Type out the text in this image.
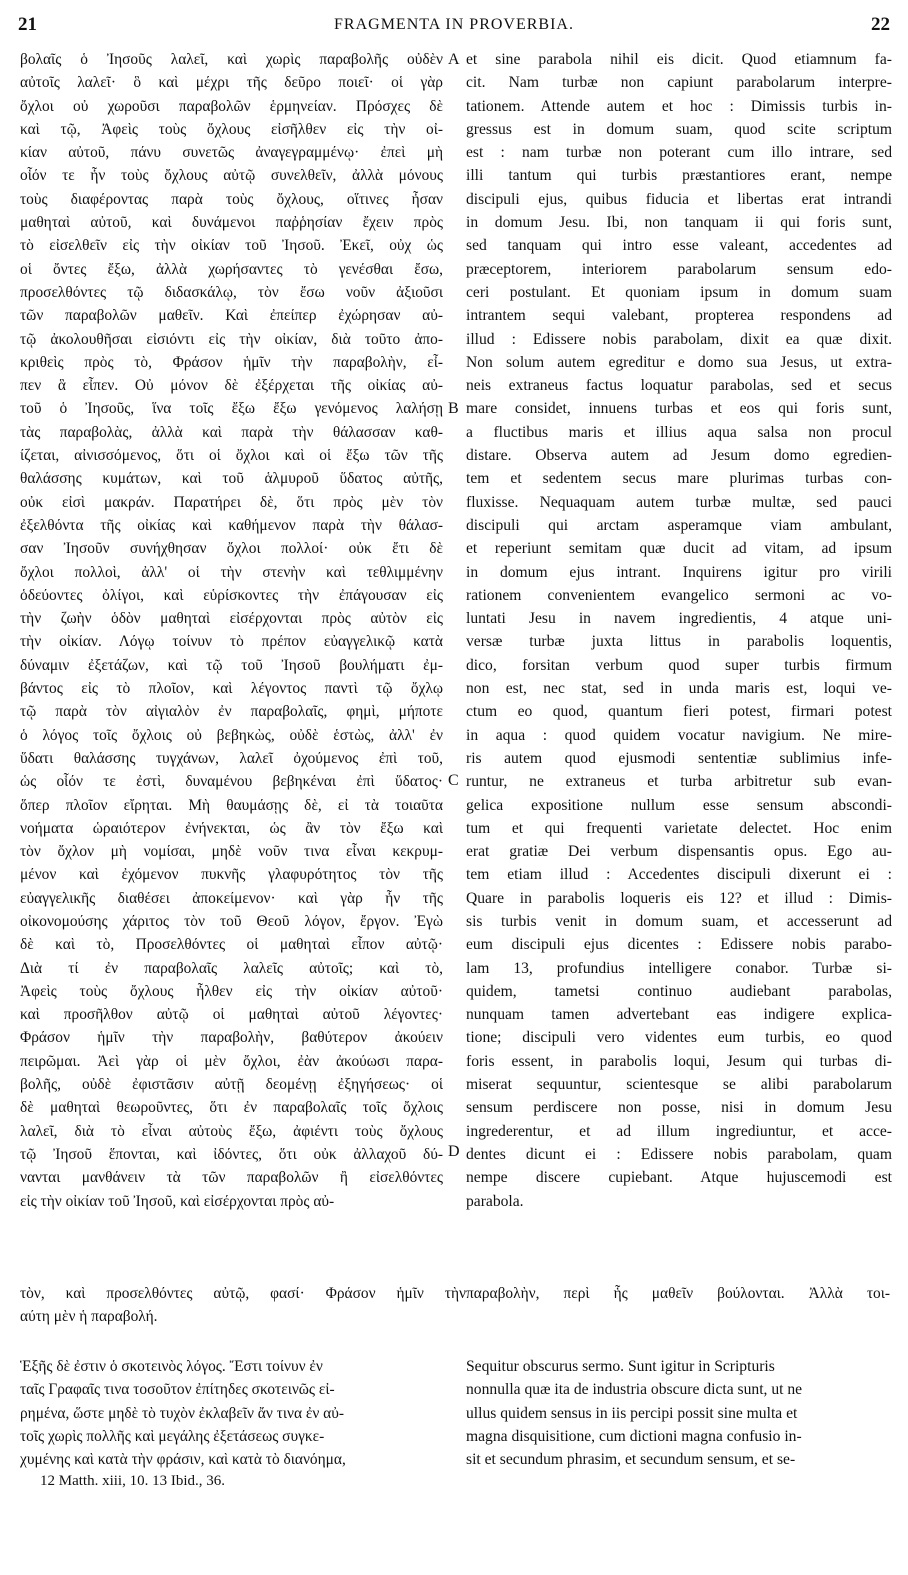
21	FRAGMENTA IN PROVERBIA.	22
βολαῖς ὁ Ἰησοῦς λαλεῖ, καὶ χωρὶς παραβολῆς οὐδὲν
αὐτοῖς λαλεῖ· ὃ καὶ μέχρι τῆς δεῦρο ποιεῖ· οἱ γὰρ
ὄχλοι οὐ χωροῦσι παραβολῶν ἑρμηνείαν. Πρόσχες δὲ
καὶ τῷ, Ἀφεὶς τοὺς ὄχλους εἰσῆλθεν εἰς τὴν οἰ-
κίαν αὐτοῦ, πάνυ συνετῶς ἀναγεγραμμένῳ· ἐπεὶ μὴ
οἷόν τε ἦν τοὺς ὄχλους αὐτῷ συνελθεῖν, ἀλλὰ μόνους
τοὺς διαφέροντας παρὰ τοὺς ὄχλους, οἵτινες ἦσαν
μαθηταὶ αὐτοῦ, καὶ δυνάμενοι παῤῥησίαν ἔχειν πρὸς
τὸ εἰσελθεῖν εἰς τὴν οἰκίαν τοῦ Ἰησοῦ. Ἐκεῖ, οὐχ ὡς
οἱ ὄντες ἔξω, ἀλλὰ χωρήσαντες τὸ γενέσθαι ἔσω,
προσελθόντες τῷ διδασκάλῳ, τὸν ἔσω νοῦν ἀξιοῦσι
τῶν παραβολῶν μαθεῖν. Καὶ ἐπείπερ ἐχώρησαν αὐ-
τῷ ἀκολουθῆσαι εἰσιόντι εἰς τὴν οἰκίαν, διὰ τοῦτο ἀπο-
κριθεὶς πρὸς τὸ, Φράσον ἡμῖν τὴν παραβολὴν, εἶ-
πεν ἃ εἶπεν. Οὐ μόνον δὲ ἐξέρχεται τῆς οἰκίας αὐ-
τοῦ ὁ Ἰησοῦς, ἵνα τοῖς ἔξω ἔξω γενόμενος λαλήσῃ
τὰς παραβολὰς, ἀλλὰ καὶ παρὰ τὴν θάλασσαν καθ-
ίζεται, αἰνισσόμενος, ὅτι οἱ ὄχλοι καὶ οἱ ἔξω τῶν τῆς
θαλάσσης κυμάτων, καὶ τοῦ ἁλμυροῦ ὕδατος αὐτῆς,
οὐκ εἰσὶ μακράν. Παρατήρει δὲ, ὅτι πρὸς μὲν τὸν
ἐξελθόντα τῆς οἰκίας καὶ καθήμενον παρὰ τὴν θάλασ-
σαν Ἰησοῦν συνήχθησαν ὄχλοι πολλοί· οὐκ ἔτι δὲ
ὄχλοι πολλοὶ, ἀλλ' οἱ τὴν στενὴν καὶ τεθλιμμένην
ὁδεύοντες ὀλίγοι, καὶ εὑρίσκοντες τὴν ἐπάγουσαν εἰς
τὴν ζωὴν ὁδὸν μαθηταὶ εἰσέρχονται πρὸς αὐτὸν εἰς
τὴν οἰκίαν. Λόγῳ τοίνυν τὸ πρέπον εὐαγγελικῷ κατὰ
δύναμιν ἐξετάζων, καὶ τῷ τοῦ Ἰησοῦ βουλήματι ἐμ-
βάντος εἰς τὸ πλοῖον, καὶ λέγοντος παντὶ τῷ ὄχλῳ
τῷ παρὰ τὸν αἰγιαλὸν ἐν παραβολαῖς, φημὶ, μήποτε
ὁ λόγος τοῖς ὄχλοις οὐ βεβηκὼς, οὐδὲ ἑστὼς, ἀλλ' ἐν
ὕδατι θαλάσσης τυγχάνων, λαλεῖ ὀχούμενος ἐπὶ τοῦ,
ὡς οἷόν τε ἐστὶ, δυναμένου βεβηκέναι ἐπὶ ὕδατος·
ὅπερ πλοῖον εἴρηται. Μὴ θαυμάσῃς δὲ, εἰ τὰ τοιαῦτα
νοήματα ὡραιότερον ἐνήνεκται, ὡς ἂν τὸν ἔξω καὶ
τὸν ὄχλον μὴ νομίσαι, μηδὲ νοῦν τινα εἶναι κεκρυμ-
μένον καὶ ἐχόμενον πυκνῆς γλαφυρότητος τὸν τῆς
εὐαγγελικῆς διαθέσει ἀποκείμενον· καὶ γὰρ ἦν τῆς
οἰκονομούσης χάριτος τὸν τοῦ Θεοῦ λόγον, ἔργον. Ἐγὼ
δὲ καὶ τὸ, Προσελθόντες οἱ μαθηταὶ εἶπον αὐτῷ·
Διὰ τί ἐν παραβολαῖς λαλεῖς αὐτοῖς; καὶ τὸ,
Ἀφεὶς τοὺς ὄχλους ἦλθεν εἰς τὴν οἰκίαν αὐτοῦ·
καὶ προσῆλθον αὐτῷ οἱ μαθηταὶ αὐτοῦ λέγοντες·
Φράσον ἡμῖν τὴν παραβολὴν, βαθύτερον ἀκούειν
πειρῶμαι. Ἀεὶ γὰρ οἱ μὲν ὄχλοι, ἐὰν ἀκούωσι παρα-
βολῆς, οὐδὲ ἐφιστᾶσιν αὐτῇ δεομένῃ ἐξηγήσεως· οἱ
δὲ μαθηταὶ θεωροῦντες, ὅτι ἐν παραβολαῖς τοῖς ὄχλοις
λαλεῖ, διὰ τὸ εἶναι αὐτοὺς ἔξω, ἀφιέντι τοὺς ὄχλους
τῷ Ἰησοῦ ἕπονται, καὶ ἰδόντες, ὅτι οὐκ ἀλλαχοῦ δύ-
νανται μανθάνειν τὰ τῶν παραβολῶν ἢ εἰσελθόντες
εἰς τὴν οἰκίαν τοῦ Ἰησοῦ, καὶ εἰσέρχονται πρὸς αὐ-
et sine parabola nihil eis dicit. Quod etiamnum fa-
cit. Nam turbæ non capiunt parabolarum interpre-
tationem. Attende autem et hoc : Dimissis turbis in-
gressus est in domum suam, quod scite scriptum
est : nam turbæ non poterant cum illo intrare, sed
illi tantum qui turbis præstantiores erant, nempe
discipuli ejus, quibus fiducia et libertas erat intrandi
in domum Jesu. Ibi, non tanquam ii qui foris sunt,
sed tanquam qui intro esse valeant, accedentes ad
præceptorem, interiorem parabolarum sensum edo-
ceri postulant. Et quoniam ipsum in domum suam
intrantem sequi valebant, propterea respondens ad
illud : Edissere nobis parabolam, dixit ea quæ dixit.
Non solum autem egreditur e domo sua Jesus, ut extra-
neis extraneus factus loquatur parabolas, sed et secus
mare considet, innuens turbas et eos qui foris sunt,
a fluctibus maris et illius aqua salsa non procul
distare. Observa autem ad Jesum domo egredien-
tem et sedentem secus mare plurimas turbas con-
fluxisse. Nequaquam autem turbæ multæ, sed pauci
discipuli qui arctam asperamque viam ambulant,
et reperiunt semitam quæ ducit ad vitam, ad ipsum
in domum ejus intrant. Inquirens igitur pro virili
rationem convenientem evangelico sermoni ac vo-
luntati Jesu in navem ingredientis, 4 atque uni-
versæ turbæ juxta littus in parabolis loquentis,
dico, forsitan verbum quod super turbis firmum
non est, nec stat, sed in unda maris est, loqui ve-
ctum eo quod, quantum fieri potest, firmari potest
in aqua : quod quidem vocatur navigium. Ne mire-
ris autem quod ejusmodi sententiæ sublimius infe-
runtur, ne extraneus et turba arbitretur sub evan-
gelica expositione nullum esse sensum abscondi-
tum et qui frequenti varietate delectet. Hoc enim
erat gratiæ Dei verbum dispensantis opus. Ego au-
tem etiam illud : Accedentes discipuli dixerunt ei :
Quare in parabolis loqueris eis 12? et illud : Dimis-
sis turbis venit in domum suam, et accesserunt ad
eum discipuli ejus dicentes : Edissere nobis parabo-
lam 13, profundius intelligere conabor. Turbæ si-
quidem, tametsi continuo audiebant parabolas,
nunquam tamen advertebant eas indigere explica-
tione; discipuli vero videntes eum turbis, eo quod
foris essent, in parabolis loqui, Jesum qui turbas di-
miserat sequuntur, scientesque se alibi parabolarum
sensum perdiscere non posse, nisi in domum Jesu
ingrederentur, et ad illum ingrediuntur, et acce-
dentes dicunt ei : Edissere nobis parabolam, quam
nempe discere cupiebant. Atque hujuscemodi est
parabola.
A
B
C
D
τὸν, καὶ προσελθόντες αὐτῷ, φασί· Φράσον ἡμῖν τὴνπαραβολὴν, περὶ ἧς μαθεῖν βούλονται. Ἀλλὰ τοι-
αύτη μὲν ἡ παραβολή.
Ἑξῆς δὲ ἐστιν ὁ σκοτεινὸς λόγος. Ἔστι τοίνυν ἐν
ταῖς Γραφαῖς τινα τοσοῦτον ἐπίτηδες σκοτεινῶς εἰ-
ρημένα, ὥστε μηδὲ τὸ τυχὸν ἐκλαβεῖν ἄν τινα ἐν αὐ-
τοῖς χωρὶς πολλῆς καὶ μεγάλης ἐξετάσεως συγκε-
χυμένης καὶ κατὰ τὴν φράσιν, καὶ κατὰ τὸ διανόημα,
Sequitur obscurus sermo. Sunt igitur in Scripturis
nonnulla quæ ita de industria obscure dicta sunt, ut ne
ullus quidem sensus in iis percipi possit sine multa et
magna disquisitione, cum dictioni magna confusio in-
sit et secundum phrasim, et secundum sensum, et se-
12 Matth. xiii, 10. 13 Ibid., 36.
